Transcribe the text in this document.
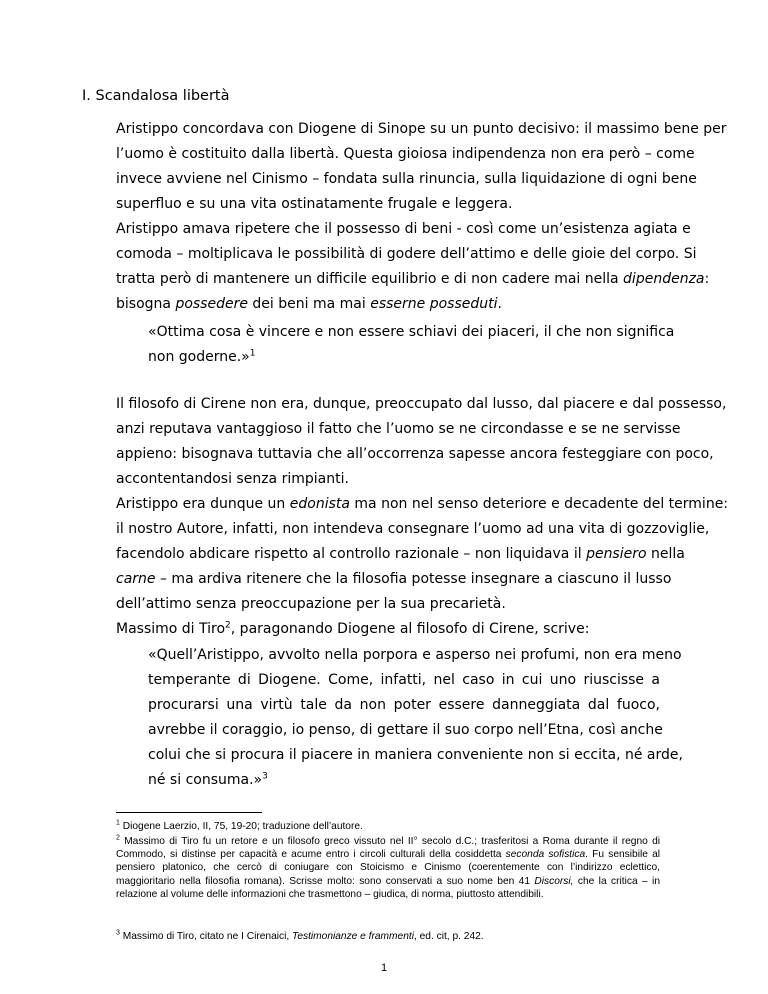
I. Scandalosa libertà

Aristippo concordava con Diogene di Sinope su un punto decisivo: il massimo bene per
l’uomo è costituito dalla libertà. Questa gioiosa indipendenza non era però – come
invece avviene nel Cinismo – fondata sulla rinuncia, sulla liquidazione di ogni bene
superfluo e su una vita ostinatamente frugale e leggera.

Aristippo amava ripetere che il possesso di beni - così come un’esistenza agiata e
comoda – moltiplicava le possibilità di godere dell’attimo e delle gioie del corpo. Si
tratta però di mantenere un difficile equilibrio e di non cadere mai nella dipendenza:
bisogna possedere dei beni ma mai esserne posseduti.

«Ottima cosa è vincere e non essere schiavi dei piaceri, il che non significa
non goderne.»$^1$

Il filosofo di Cirene non era, dunque, preoccupato dal lusso, dal piacere e dal possesso,
anzi reputava vantaggioso il fatto che l’uomo se ne circondasse e se ne servisse
appieno: bisognava tuttavia che all’occorrenza sapesse ancora festeggiare con poco,
accontentandosi senza rimpianti.

Aristippo era dunque un edonista ma non nel senso deteriore e decadente del termine:
il nostro Autore, infatti, non intendeva consegnare l’uomo ad una vita di gozzoviglie,
facendolo abdicare rispetto al controllo razionale – non liquidava il pensiero nella
carne – ma ardiva ritenere che la filosofia potesse insegnare a ciascuno il lusso
dell’attimo senza preoccupazione per la sua precarietà.
Massimo di Tiro$^2$, paragonando Diogene al filosofo di Cirene, scrive:

«Quell’Aristippo, avvolto nella porpora e asperso nei profumi, non era meno
temperante di Diogene. Come, infatti, nel caso in cui uno riuscisse a
procurarsi una virtù tale da non poter essere danneggiata dal fuoco,
avrebbe il coraggio, io penso, di gettare il suo corpo nell’Etna, così anche
colui che si procura il piacere in maniera conveniente non si eccita, né arde,
né si consuma.»$^3$

$^1$ Diogene Laerzio, II, 75, 19-20; traduzione dell’autore.

$^2$ Massimo di Tiro fu un retore e un filosofo greco vissuto nel II° secolo d.C.; trasferitosi a Roma durante il regno di Commodo, si distinse per capacità e acume entro i circoli culturali della cosiddetta seconda sofistica. Fu sensibile al pensiero platonico, che cercò di coniugare con Stoicismo e Cinismo (coerentemente con l’indirizzo eclettico, maggioritario nella filosofia romana). Scrisse molto: sono conservati a suo nome ben 41 Discorsi, che la critica – in relazione al volume delle informazioni che trasmettono – giudica, di norma, piuttosto attendibili.

$^3$ Massimo di Tiro, citato ne I Cirenaici, Testimonianze e frammenti, ed. cit, p. 242.

1
